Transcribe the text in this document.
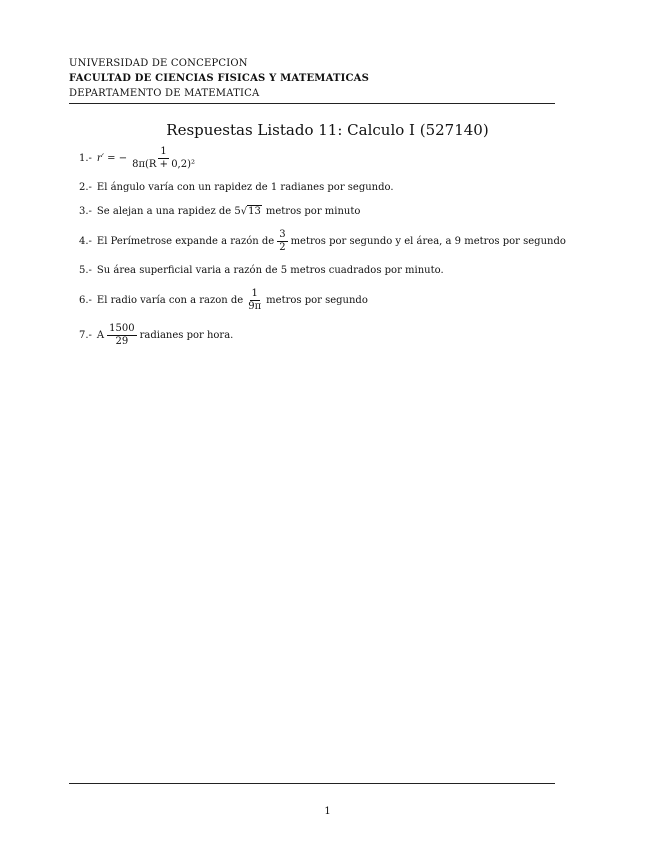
UNIVERSIDAD DE CONCEPCION
FACULTAD DE CIENCIAS FISICAS Y MATEMATICAS
DEPARTAMENTO DE MATEMATICA
Respuestas Listado 11: Calculo I (527140)
1.- r′ = − $\frac{1}{\text{8π(R + 0,2)²}}$
2.- El ángulo varía con un rapidez de 1 radianes por segundo.
3.- Se alejan a una rapidez de 5 √13 metros por minuto
4.- El Perímetrose expande a razón de $\frac{3}{2}$ metros por segundo y el área, a 9 metros por segundo
5.- Su área superficial varia a razón de 5 metros cuadrados por minuto.
6.- El radio varía con a razon de $\frac{1}{9\pi}$ metros por segundo
7.- A $\frac{1500}{29}$ radianes por hora.
1
